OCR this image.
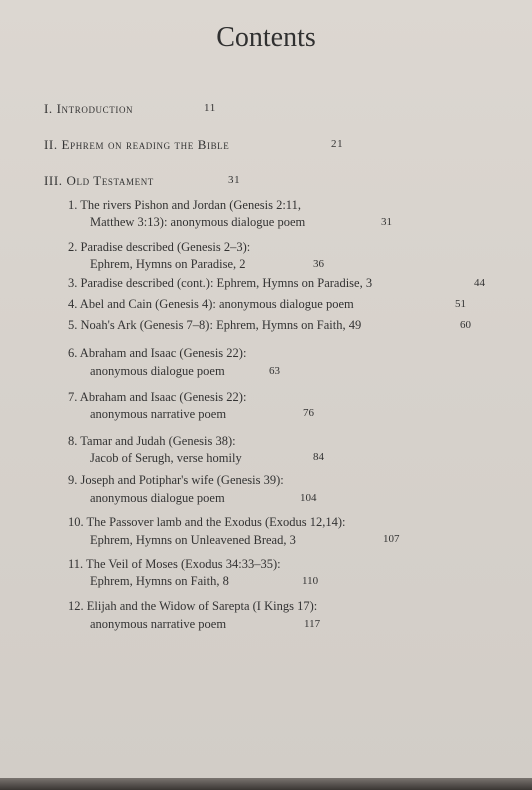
Contents
I. Introduction	11
II. Ephrem on reading the Bible	21
III. Old Testament	31
1. The rivers Pishon and Jordan (Genesis 2:11,
Matthew 3:13): anonymous dialogue poem	31
2. Paradise described (Genesis 2–3):
Ephrem, Hymns on Paradise, 2	36
3. Paradise described (cont.): Ephrem, Hymns on Paradise, 3	44
4. Abel and Cain (Genesis 4): anonymous dialogue poem	51
5. Noah's Ark (Genesis 7–8): Ephrem, Hymns on Faith, 49	60
6. Abraham and Isaac (Genesis 22):
anonymous dialogue poem	63
7. Abraham and Isaac (Genesis 22):
anonymous narrative poem	76
8. Tamar and Judah (Genesis 38):
Jacob of Serugh, verse homily	84
9. Joseph and Potiphar's wife (Genesis 39):
anonymous dialogue poem	104
10. The Passover lamb and the Exodus (Exodus 12,14):
Ephrem, Hymns on Unleavened Bread, 3	107
11. The Veil of Moses (Exodus 34:33–35):
Ephrem, Hymns on Faith, 8	110
12. Elijah and the Widow of Sarepta (I Kings 17):
anonymous narrative poem	117
